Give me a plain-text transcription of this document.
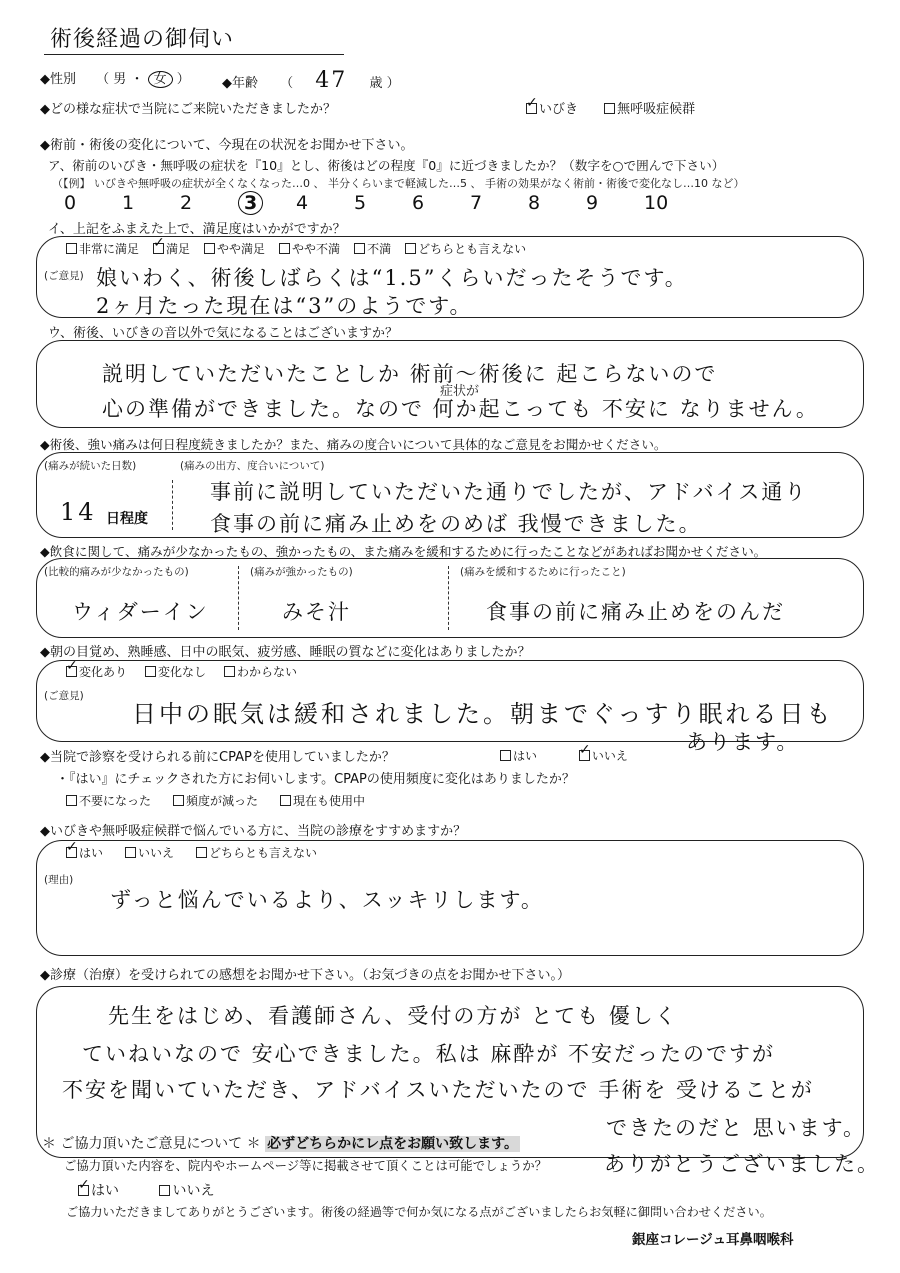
術後経過の御伺い
◆性別 （ 男 ・ 女 ） ◆年齢 （ 47 歳 ）
◆どの様な症状で当院にご来院いただきましたか？ ✓	いびき	無呼吸症候群
◆術前・術後の変化について、今現在の状況をお聞かせ下さい。
ア、術前のいびき・無呼吸の症状を『10』とし、術後はどの程度『0』に近づきましたか？（数字を○で囲んで下さい）
（【例】 いびきや無呼吸の症状が全くなくなった…0 、 半分くらいまで軽減した…5 、 手術の効果がなく術前・術後で変化なし…10 など）
0 1 2	3 4 5 6 7 8 9 10
イ、上記をふまえた上で、満足度はいかがですか？
非常に満足 ✓ 満足 やや満足 やや不満 不満 どちらとも言えない
(ご意見) 娘いわく、術後しばらくは“1.5”くらいだったそうです。
2ヶ月たった現在は“3”のようです。
ウ、術後、いびきの音以外で気になることはございますか？
症状が
説明していただいたことしか 術前～術後に 起こらないので
心の準備ができました。なので 何か起こっても 不安に なりません。
◆術後、強い痛みは何日程度続きましたか？また、痛みの度合いについて具体的なご意見をお聞かせください。
(痛みが続いた日数)
14 日程度
(痛みの出方、度合いについて)
事前に説明していただいた通りでしたが、アドバイス通り
食事の前に痛み止めをのめば 我慢できました。
◆飲食に関して、痛みが少なかったもの、強かったもの、また痛みを緩和するために行ったことなどがあればお聞かせください。
(比較的痛みが少なかったもの)	(痛みが強かったもの)	(痛みを緩和するために行ったこと)
ウィダーイン	みそ汁	食事の前に痛み止めをのんだ
◆朝の目覚め、熟睡感、日中の眠気、疲労感、睡眠の質などに変化はありましたか？
✓変化あり	変化なし	わからない
(ご意見)
日中の眠気は緩和されました。朝までぐっすり眠れる日も
あります。
◆当院で診察を受けられる前にCPAPを使用していましたか？	はい ✓	いいえ
・『はい』にチェックされた方にお伺いします。CPAPの使用頻度に変化はありましたか？
不要になった	頻度が減った	現在も使用中
◆いびきや無呼吸症候群で悩んでいる方に、当院の診療をすすめますか？
✓はい	いいえ	どちらとも言えない
(理由)
ずっと悩んでいるより、スッキリします。
◆診療（治療）を受けられての感想をお聞かせ下さい。（お気づきの点をお聞かせ下さい。）
先生をはじめ、看護師さん、受付の方が とても 優しく
ていねいなので 安心できました。私は 麻酔が 不安だったのですが
不安を聞いていただき、アドバイスいただいたので 手術を 受けることが
できたのだと 思います。
ありがとうございました。
＊ ご協力頂いたご意見について ＊ 必ずどちらかにレ点をお願い致します。
ご協力頂いた内容を、院内やホームページ等に掲載させて頂くことは可能でしょうか？
✓はい	いいえ
ご協力いただきましてありがとうございます。術後の経過等で何か気になる点がございましたらお気軽に御問い合わせください。
銀座コレージュ耳鼻咽喉科
